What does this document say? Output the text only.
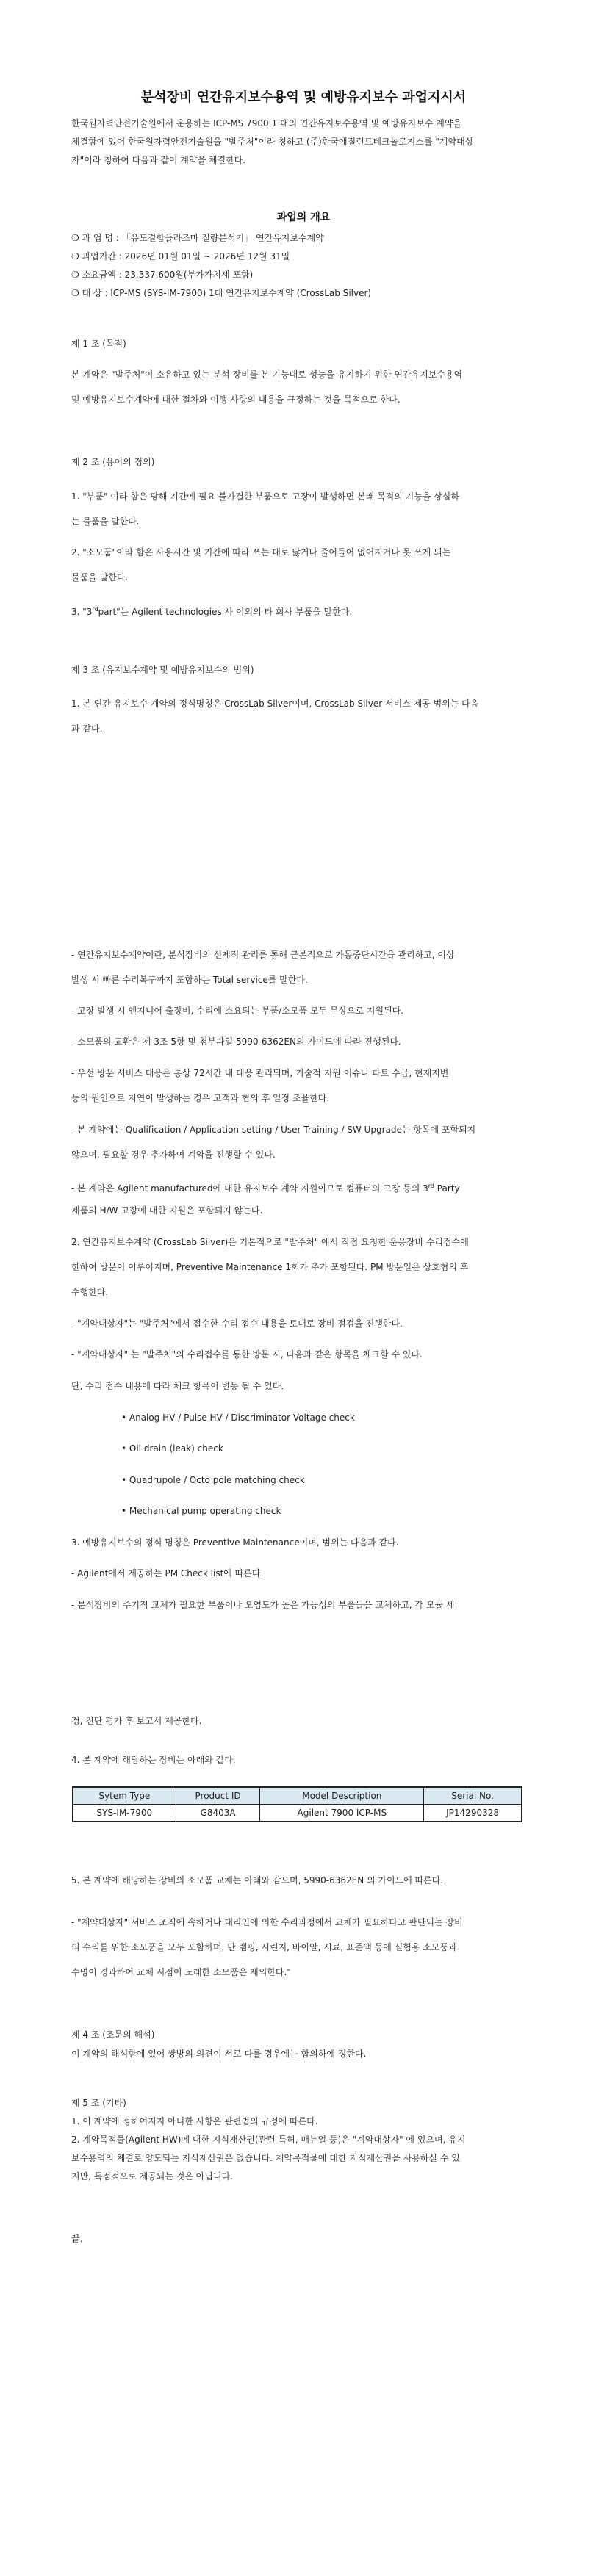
분석장비 연간유지보수용역 및 예방유지보수 과업지시서
한국원자력안전기술원에서 운용하는 ICP-MS 7900 1 대의 연간유지보수용역 및 예방유지보수 계약을
체결함에 있어 한국원자력안전기술원을 "발주처"이라 칭하고 (주)한국애질런트테크놀로지스를 "계약대상
자"이라 칭하여 다음과 같이 계약을 체결한다.
과업의 개요
❍ 과 업 명 : 「유도결합플라즈마 질량분석기」 연간유지보수계약
❍ 과업기간 : 2026년 01월 01일 ~ 2026년 12월 31일
❍ 소요금액 : 23,337,600원(부가가치세 포함)
❍ 대 상 : ICP-MS (SYS-IM-7900) 1대 연간유지보수계약 (CrossLab Silver)
제 1 조 (목적)
본 계약은 "발주처"이 소유하고 있는 분석 장비를 본 기능대로 성능을 유지하기 위한 연간유지보수용역
및 예방유지보수계약에 대한 절차와 이행 사항의 내용을 규정하는 것을 목적으로 한다.
제 2 조 (용어의 정의)
1. "부품" 이라 함은 당해 기간에 필요 불가결한 부품으로 고장이 발생하면 본래 목적의 기능을 상실하
는 물품을 말한다.
2. "소모품"이라 함은 사용시간 및 기간에 따라 쓰는 대로 닳거나 줄어들어 없어지거나 못 쓰게 되는
물품을 말한다.
3. "3rdpart"는 Agilent technologies 사 이외의 타 회사 부품을 말한다.
제 3 조 (유지보수계약 및 예방유지보수의 범위)
1. 본 연간 유지보수 계약의 정식명칭은 CrossLab Silver이며, CrossLab Silver 서비스 제공 범위는 다음
과 같다.
- 연간유지보수계약이란, 분석장비의 선제적 관리를 통해 근본적으로 가동중단시간을 관리하고, 이상
발생 시 빠른 수리복구까지 포함하는 Total service를 말한다.
- 고장 발생 시 엔지니어 출장비, 수리에 소요되는 부품/소모품 모두 무상으로 지원된다.
- 소모품의 교환은 제 3조 5항 및 첨부파일 5990-6362EN의 가이드에 따라 진행된다.
- 우선 방문 서비스 대응은 통상 72시간 내 대응 관리되며, 기술적 지원 이슈나 파트 수급, 현재지변
등의 원인으로 지연이 발생하는 경우 고객과 협의 후 일정 조율한다.
- 본 계약에는 Qualification / Application setting / User Training / SW Upgrade는 항목에 포함되지
않으며, 필요할 경우 추가하여 계약을 진행할 수 있다.
- 본 계약은 Agilent manufactured에 대한 유지보수 계약 지원이므로 컴퓨터의 고장 등의 3rd Party
제품의 H/W 고장에 대한 지원은 포함되지 않는다.
2. 연간유지보수계약 (CrossLab Silver)은 기본적으로 "발주처" 에서 직접 요청한 운용장비 수리접수에
한하여 방문이 이루어지며, Preventive Maintenance 1회가 추가 포함된다. PM 방문일은 상호협의 후
수행한다.
- "계약대상자"는 "발주처"에서 접수한 수리 접수 내용을 토대로 장비 점검을 진행한다.
- "계약대상자" 는 "발주처"의 수리접수를 통한 방문 시, 다음과 같은 항목을 체크할 수 있다.
단, 수리 접수 내용에 따라 체크 항목이 변동 될 수 있다.
• Analog HV / Pulse HV / Discriminator Voltage check
• Oil drain (leak) check
• Quadrupole / Octo pole matching check
• Mechanical pump operating check
3. 예방유지보수의 정식 명칭은 Preventive Maintenance이며, 범위는 다음과 같다.
- Agilent에서 제공하는 PM Check list에 따른다.
- 분석장비의 주기적 교체가 필요한 부품이나 오염도가 높은 가능성의 부품들을 교체하고, 각 모듈 세
정, 진단 평가 후 보고서 제공한다.
4. 본 계약에 해당하는 장비는 아래와 같다.
Sytem Type	Product ID	Model Description	Serial No.
SYS-IM-7900	G8403A	Agilent 7900 ICP-MS	JP14290328
5. 본 계약에 해당하는 장비의 소모품 교체는 아래와 같으며, 5990-6362EN 의 가이드에 따른다.
- "계약대상자" 서비스 조직에 속하거나 대리인에 의한 수리과정에서 교체가 필요하다고 판단되는 장비
의 수리를 위한 소모품을 모두 포함하며, 단 램핑, 시린지, 바이알, 시료, 표준액 등에 실험용 소모품과
수명이 경과하여 교체 시점이 도래한 소모품은 제외한다."
제 4 조 (조문의 해석)
이 계약의 해석함에 있어 쌍방의 의견이 서로 다를 경우에는 합의하에 정한다.
제 5 조 (기타)
1. 이 계약에 정하여지지 아니한 사항은 관련법의 규정에 따른다.
2. 계약목적물(Agilent HW)에 대한 지식재산권(관련 특허, 매뉴얼 등)은 "계약대상자" 에 있으며, 유지
보수용역의 체결로 양도되는 지식재산권은 없습니다. 계약목적물에 대한 지식재산권을 사용하실 수 있
지만, 독점적으로 제공되는 것은 아닙니다.
끝.
